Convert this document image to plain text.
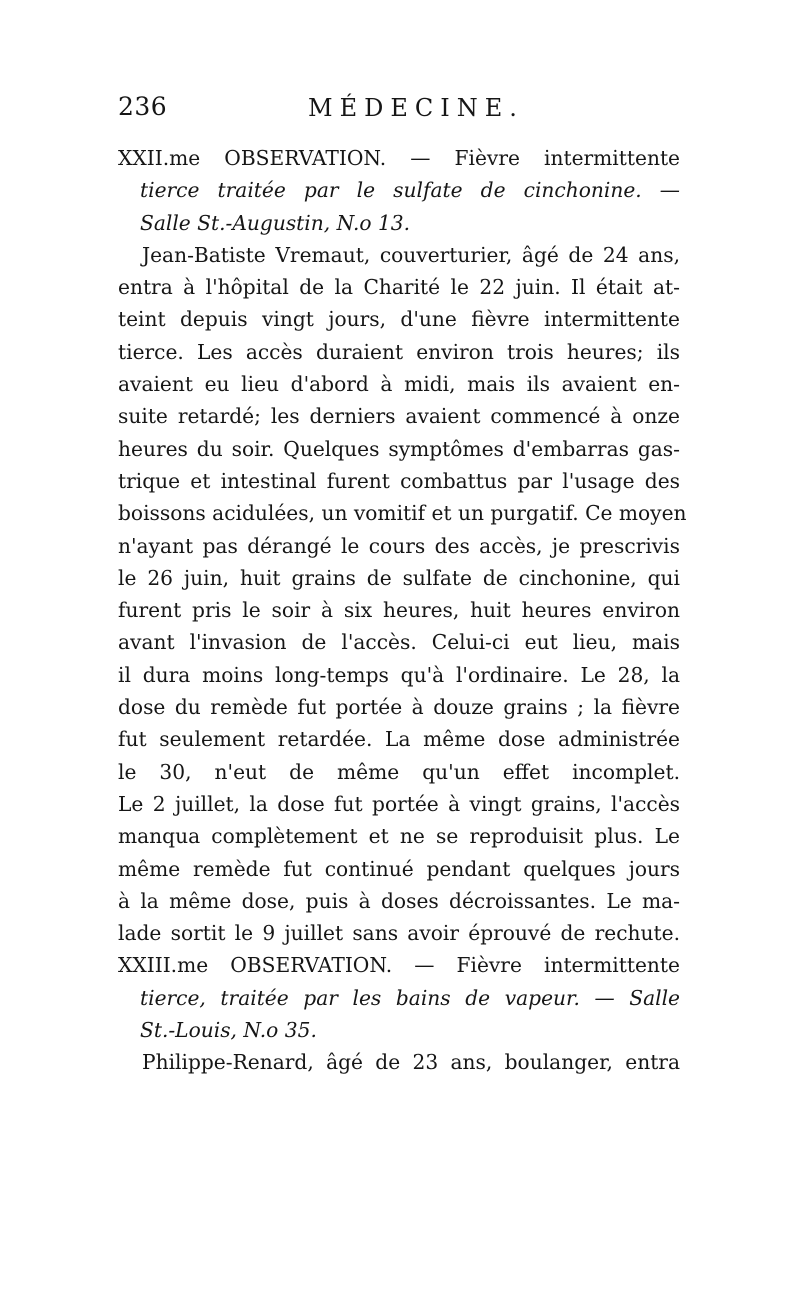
236	MÉDECINE.
XXII.me OBSERVATION. — Fièvre intermittente
tierce traitée par le sulfate de cinchonine. —
Salle St.-Augustin, N.o 13.
Jean-Batiste Vremaut, couverturier, âgé de 24 ans,
entra à l'hôpital de la Charité le 22 juin. Il était at-
teint depuis vingt jours, d'une fièvre intermittente
tierce. Les accès duraient environ trois heures; ils
avaient eu lieu d'abord à midi, mais ils avaient en-
suite retardé; les derniers avaient commencé à onze
heures du soir. Quelques symptômes d'embarras gas-
trique et intestinal furent combattus par l'usage des
boissons acidulées, un vomitif et un purgatif. Ce moyen
n'ayant pas dérangé le cours des accès, je prescrivis
le 26 juin, huit grains de sulfate de cinchonine, qui
furent pris le soir à six heures, huit heures environ
avant l'invasion de l'accès. Celui-ci eut lieu, mais
il dura moins long-temps qu'à l'ordinaire. Le 28, la
dose du remède fut portée à douze grains ; la fièvre
fut seulement retardée. La même dose administrée
le 30, n'eut de même qu'un effet incomplet.
Le 2 juillet, la dose fut portée à vingt grains, l'accès
manqua complètement et ne se reproduisit plus. Le
même remède fut continué pendant quelques jours
à la même dose, puis à doses décroissantes. Le ma-
lade sortit le 9 juillet sans avoir éprouvé de rechute.
XXIII.me OBSERVATION. — Fièvre intermittente
tierce, traitée par les bains de vapeur. — Salle
St.-Louis, N.o 35.
Philippe-Renard, âgé de 23 ans, boulanger, entra
